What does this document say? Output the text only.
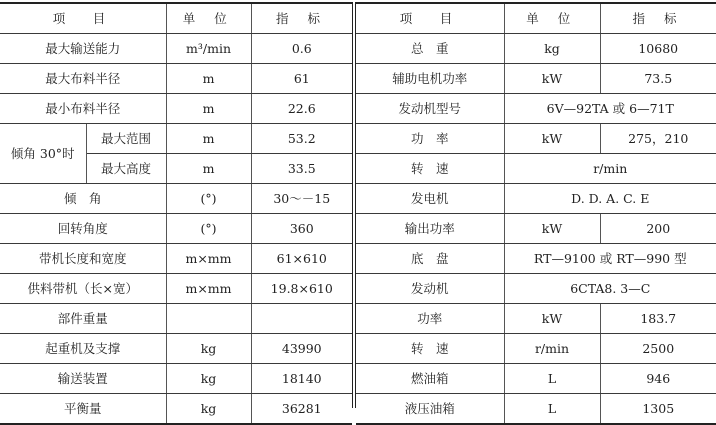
项　目		单 位	指 标
最大输送能力		m³/min	0.6
最大布料半径		m	61
最小布料半径		m	22.6
倾角 30°时	最大范围	m	53.2
	最大高度	m	33.5
倾　角		(°)	30～－15
回转角度		(°)	360
带机长度和宽度		m×mm	61×610
供料带机（长×宽）		m×mm	19.8×610
部件重量			
起重机及支撑		kg	43990
输送装置		kg	18140
平衡量		kg	36281
项　目	单 位	指 标
总　重	kg	10680
辅助电机功率	kW	73.5
发动机型号	6V—92TA 或 6—71T	
功　率	kW	275，210
转　速	r/min	
发电机	D. D. A. C. E	
输出功率	kW	200
底　盘	RT—9100 或 RT—990 型	
发动机	6CTA8. 3—C	
功率	kW	183.7
转　速	r/min	2500
燃油箱	L	946
液压油箱	L	1305
